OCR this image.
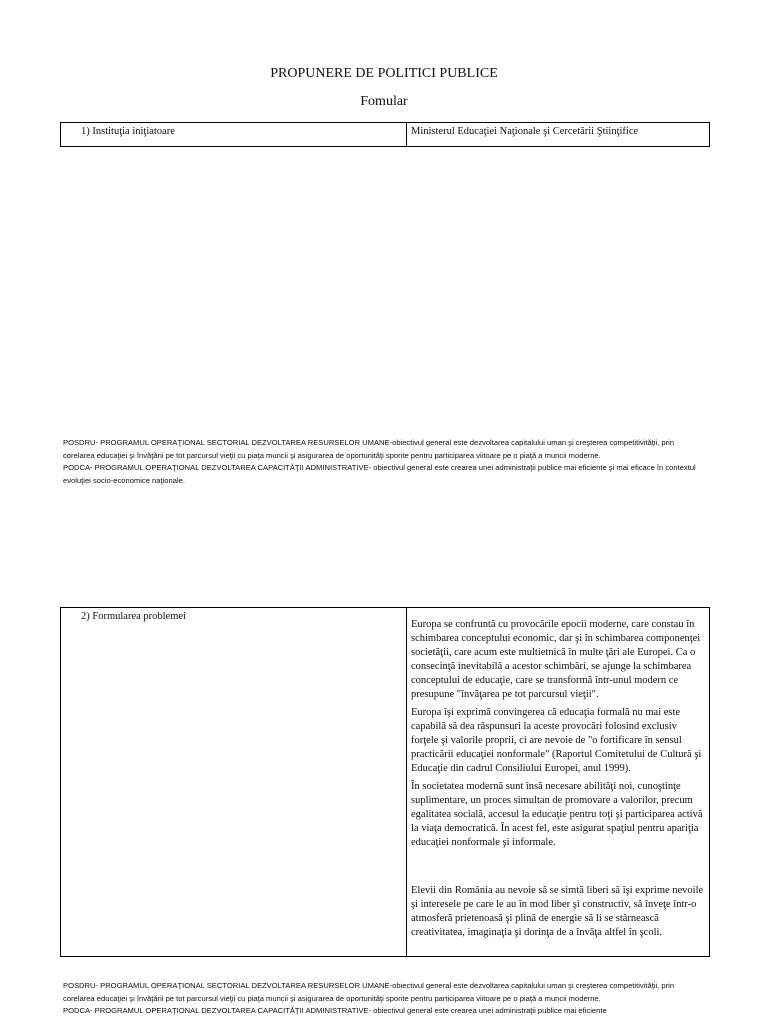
PROPUNERE DE POLITICI PUBLICE
Fomular
1) Instituţia iniţiatoare	Ministerul Educaţiei Naţionale şi Cercetării Ştiinţifice

POSDRU- PROGRAMUL OPERAŢIONAL SECTORIAL DEZVOLTAREA RESURSELOR UMANE-obiectivul general este dezvoltarea capitalului uman şi creşterea competitivităţii, prin corelarea educaţiei şi învăţării pe tot parcursul vieţii cu piaţa muncii şi asigurarea de oportunităţi sporite pentru participarea viitoare pe o piaţă a muncii moderne.

PODCA- PROGRAMUL OPERAŢIONAL DEZVOLTAREA CAPACITĂŢII ADMINISTRATIVE- obiectivul general este crearea unei administraţii publice mai eficiente şi mai eficace în contextul evoluţiei socio-economice naţionale.

2) Formularea problemei	

Europa se confruntă cu provocările epocii moderne, care constau în schimbarea conceptului economic, dar şi în schimbarea componenţei societăţii, care acum este multietnică în multe ţări ale Europei. Ca o consecinţă inevitabilă a acestor schimbări, se ajunge la schimbarea conceptului de educaţie, care se transformă într-unul modern ce presupune "învăţarea pe tot parcursul vieţii".

Europa îşi exprimă convingerea că educaţia formală nu mai este capabilă să dea răspunsuri la aceste provocări folosind exclusiv forţele şi valorile proprii, ci are nevoie de "o fortificare în sensul practicării educaţiei nonformale" (Raportul Comitetului de Cultură şi Educaţie din cadrul Consiliului Europei, anul 1999).

În societatea modernă sunt însă necesare abilităţi noi, cunoştinţe suplimentare, un proces simultan de promovare a valorilor, precum egalitatea socială, accesul la educaţie pentru toţi şi participarea activă la viaţa democratică. În acest fel, este asigurat spaţiul pentru apariţia educaţiei nonformale şi informale.

Elevii din România au nevoie să se simtă liberi să îşi exprime nevoile şi interesele pe care le au în mod liber şi constructiv, să înveţe într-o atmosferă prietenoasă şi plină de energie să li se stârnească creativitatea, imaginaţia şi dorinţa de a învăţa altfel în şcoli.

POSDRU- PROGRAMUL OPERAŢIONAL SECTORIAL DEZVOLTAREA RESURSELOR UMANE-obiectivul general este dezvoltarea capitalului uman şi creşterea competitivităţii, prin corelarea educaţiei şi învăţării pe tot parcursul vieţii cu piaţa muncii şi asigurarea de oportunităţi sporite pentru participarea viitoare pe o piaţă a muncii moderne.

PODCA- PROGRAMUL OPERAŢIONAL DEZVOLTAREA CAPACITĂŢII ADMINISTRATIVE- obiectivul general este crearea unei administraţii publice mai eficiente
